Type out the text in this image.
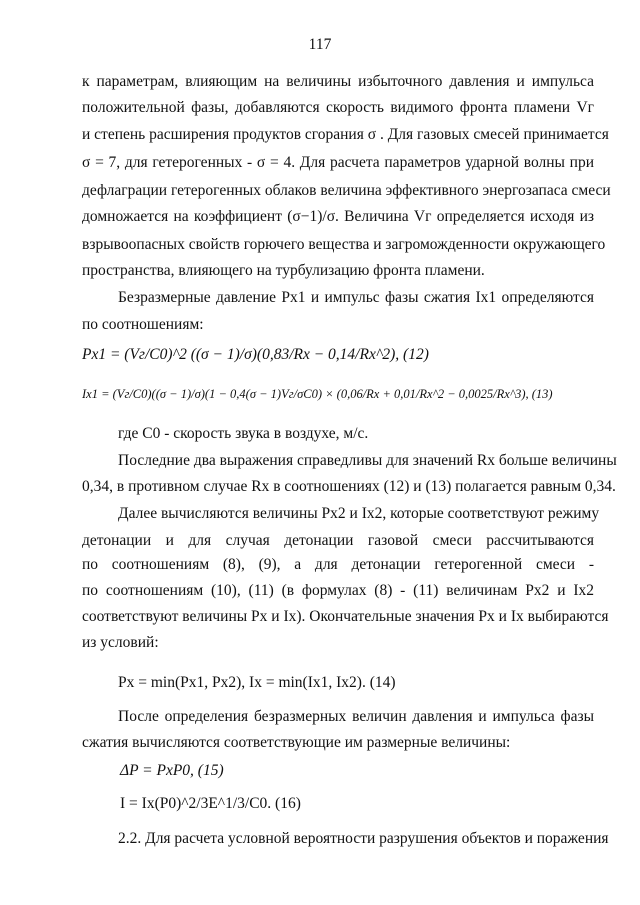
117
к параметрам, влияющим на величины избыточного давления и импульса
положительной фазы, добавляются скорость видимого фронта пламени Vг
и степень расширения продуктов сгорания σ . Для газовых смесей принимается
σ = 7, для гетерогенных - σ = 4. Для расчета параметров ударной волны при
дефлаграции гетерогенных облаков величина эффективного энергозапаса смеси
домножается на коэффициент (σ−1)/σ. Величина Vг определяется исходя из
взрывоопасных свойств горючего вещества и загроможденности окружающего
пространства, влияющего на турбулизацию фронта пламени.
Безразмерные давление Px1 и импульс фазы сжатия Ix1 определяются
по соотношениям:
Px1 = (Vг/C0)^2 ((σ − 1)/σ)(0,83/Rx − 0,14/Rx^2), (12)
Ix1 = (Vг/C0)((σ − 1)/σ)(1 − 0,4(σ − 1)Vг/σC0) × (0,06/Rx + 0,01/Rx^2 − 0,0025/Rx^3), (13)
где C0 - скорость звука в воздухе, м/с.
Последние два выражения справедливы для значений Rx больше величины
0,34, в противном случае Rx в соотношениях (12) и (13) полагается равным 0,34.
Далее вычисляются величины Px2 и Ix2, которые соответствуют режиму
детонации и для случая детонации газовой смеси рассчитываются
по соотношениям (8), (9), а для детонации гетерогенной смеси -
по соотношениям (10), (11) (в формулах (8) - (11) величинам Px2 и Ix2
соответствуют величины Px и Ix). Окончательные значения Px и Ix выбираются
из условий:
Px = min(Px1, Px2), Ix = min(Ix1, Ix2). (14)
После определения безразмерных величин давления и импульса фазы
сжатия вычисляются соответствующие им размерные величины:
ΔP = PxP0, (15)
I = Ix(P0)^2/3E^1/3/C0. (16)
2.2. Для расчета условной вероятности разрушения объектов и поражения
